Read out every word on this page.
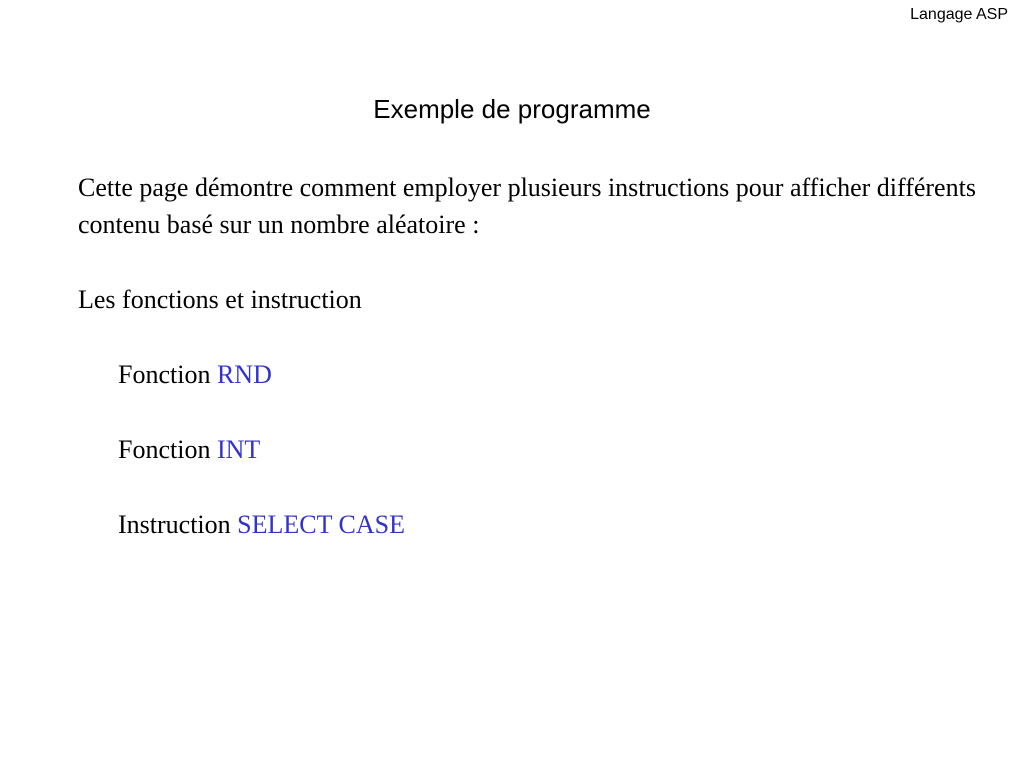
Langage ASP
Exemple de programme
Cette page démontre comment employer plusieurs instructions pour afficher différents contenu basé sur un nombre aléatoire :
Les fonctions et instruction
Fonction RND
Fonction INT
Instruction SELECT CASE
